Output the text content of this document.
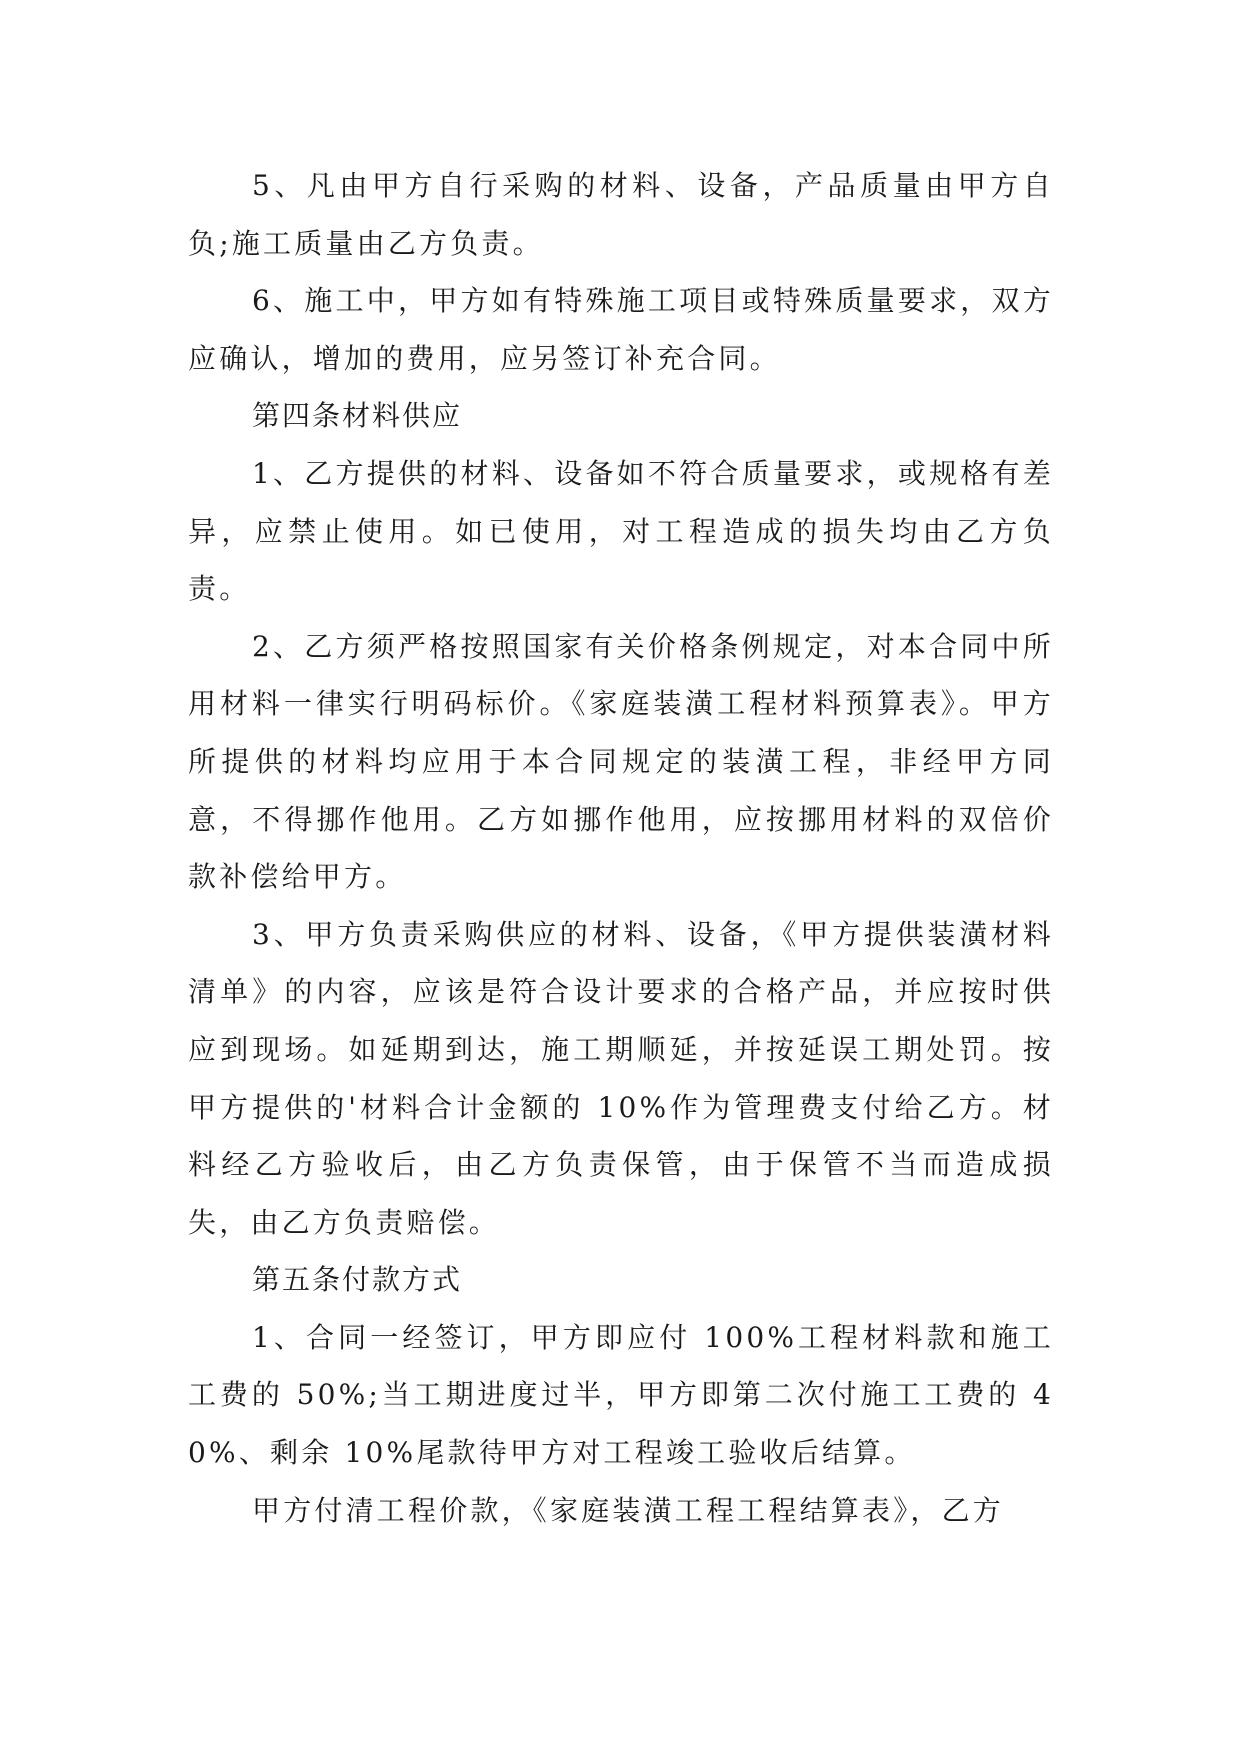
5、凡由甲方自行采购的材料、设备，产品质量由甲方自负;施工质量由乙方负责。

6、施工中，甲方如有特殊施工项目或特殊质量要求，双方应确认，增加的费用，应另签订补充合同。

第四条材料供应

1、乙方提供的材料、设备如不符合质量要求，或规格有差异，应禁止使用。如已使用，对工程造成的损失均由乙方负责。

2、乙方须严格按照国家有关价格条例规定，对本合同中所用材料一律实行明码标价。《家庭装潢工程材料预算表》。甲方所提供的材料均应用于本合同规定的装潢工程，非经甲方同意，不得挪作他用。乙方如挪作他用，应按挪用材料的双倍价款补偿给甲方。

3、甲方负责采购供应的材料、设备，《甲方提供装潢材料清单》的内容，应该是符合设计要求的合格产品，并应按时供应到现场。如延期到达，施工期顺延，并按延误工期处罚。按甲方提供的'材料合计金额的 10%作为管理费支付给乙方。材料经乙方验收后，由乙方负责保管，由于保管不当而造成损失，由乙方负责赔偿。

第五条付款方式

1、合同一经签订，甲方即应付 100%工程材料款和施工工费的 50%;当工期进度过半，甲方即第二次付施工工费的 40%、剩余 10%尾款待甲方对工程竣工验收后结算。

甲方付清工程价款，《家庭装潢工程工程结算表》，乙方
